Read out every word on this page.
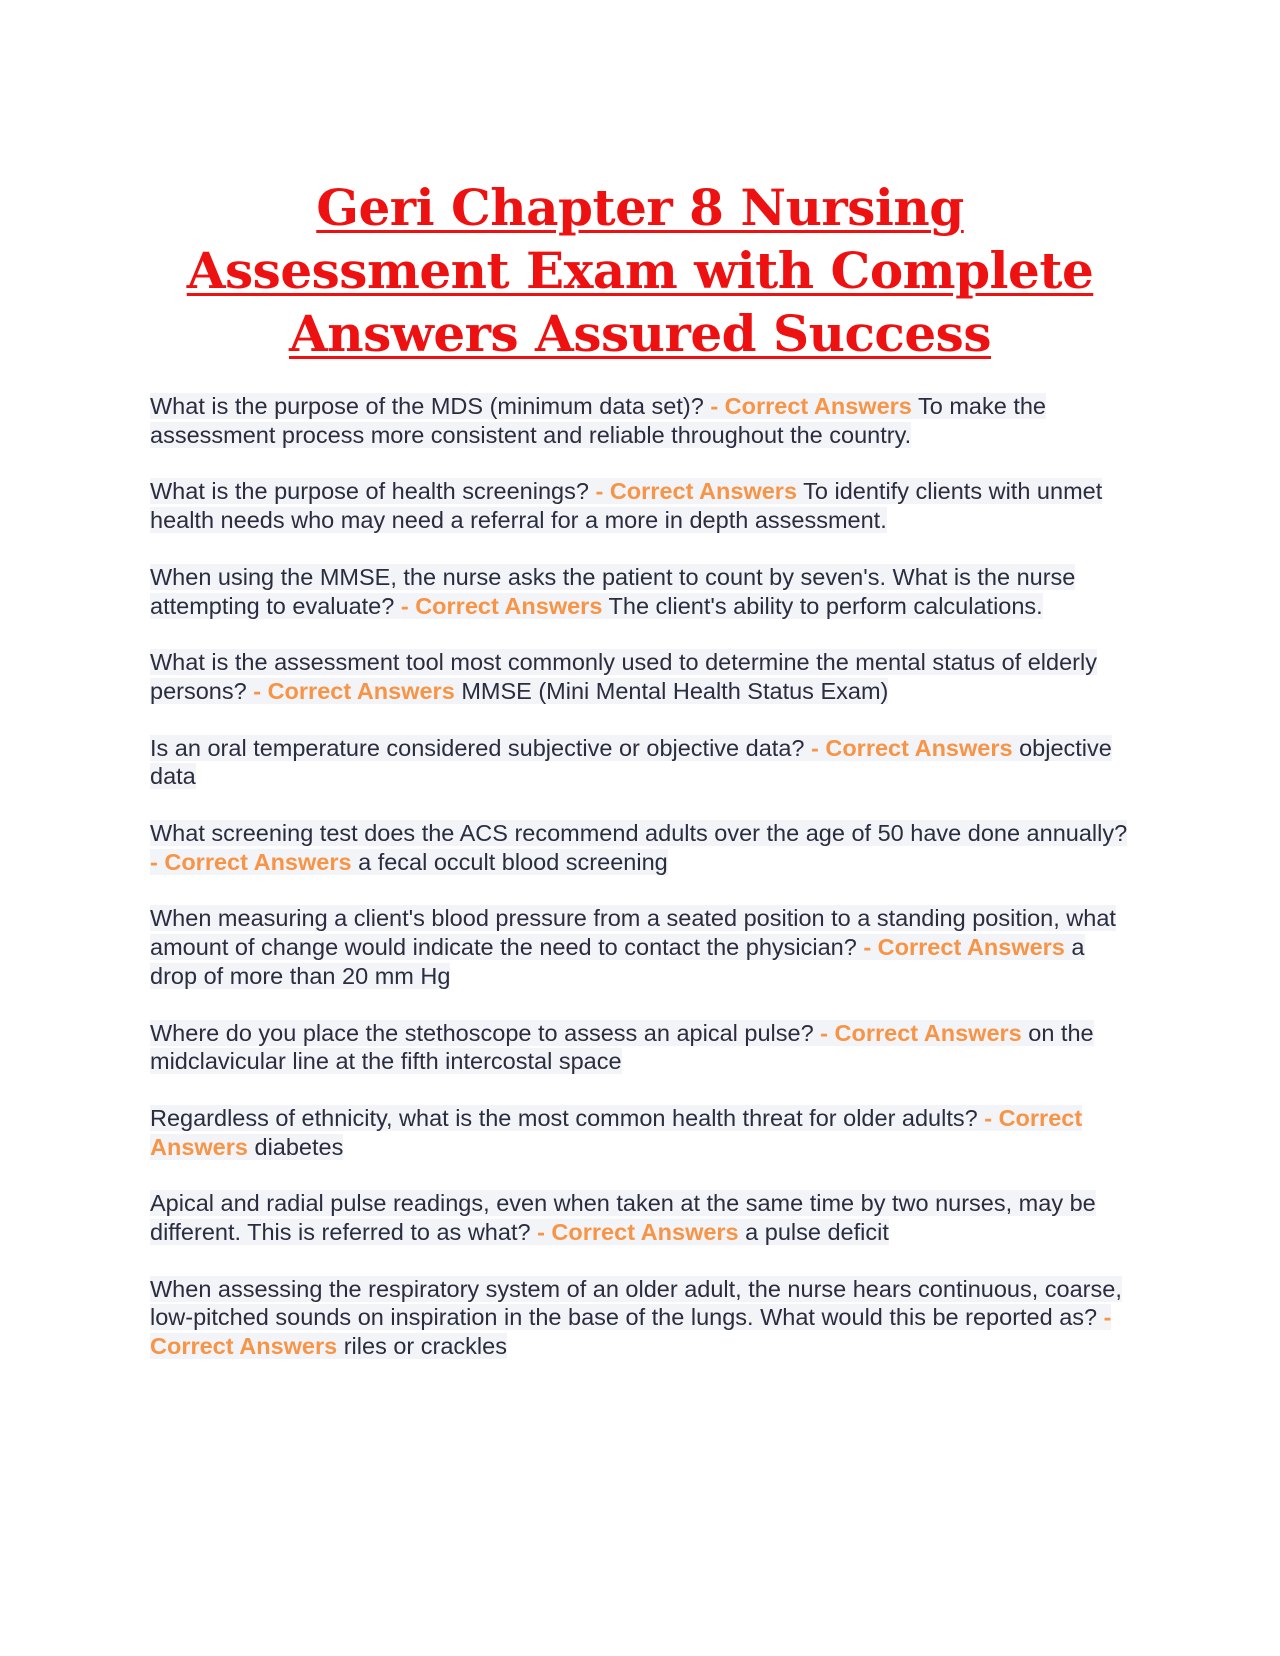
Geri Chapter 8 Nursing Assessment Exam with Complete Answers Assured Success

What is the purpose of the MDS (minimum data set)? - Correct Answers To make the assessment process more consistent and reliable throughout the country.

What is the purpose of health screenings? - Correct Answers To identify clients with unmet health needs who may need a referral for a more in depth assessment.

When using the MMSE, the nurse asks the patient to count by seven's. What is the nurse attempting to evaluate? - Correct Answers The client's ability to perform calculations.

What is the assessment tool most commonly used to determine the mental status of elderly persons? - Correct Answers MMSE (Mini Mental Health Status Exam)

Is an oral temperature considered subjective or objective data? - Correct Answers objective data

What screening test does the ACS recommend adults over the age of 50 have done annually? - Correct Answers a fecal occult blood screening

When measuring a client's blood pressure from a seated position to a standing position, what amount of change would indicate the need to contact the physician? - Correct Answers a drop of more than 20 mm Hg

Where do you place the stethoscope to assess an apical pulse? - Correct Answers on the midclavicular line at the fifth intercostal space

Regardless of ethnicity, what is the most common health threat for older adults? - Correct Answers diabetes

Apical and radial pulse readings, even when taken at the same time by two nurses, may be different. This is referred to as what? - Correct Answers a pulse deficit

When assessing the respiratory system of an older adult, the nurse hears continuous, coarse, low-pitched sounds on inspiration in the base of the lungs. What would this be reported as? - Correct Answers riles or crackles
